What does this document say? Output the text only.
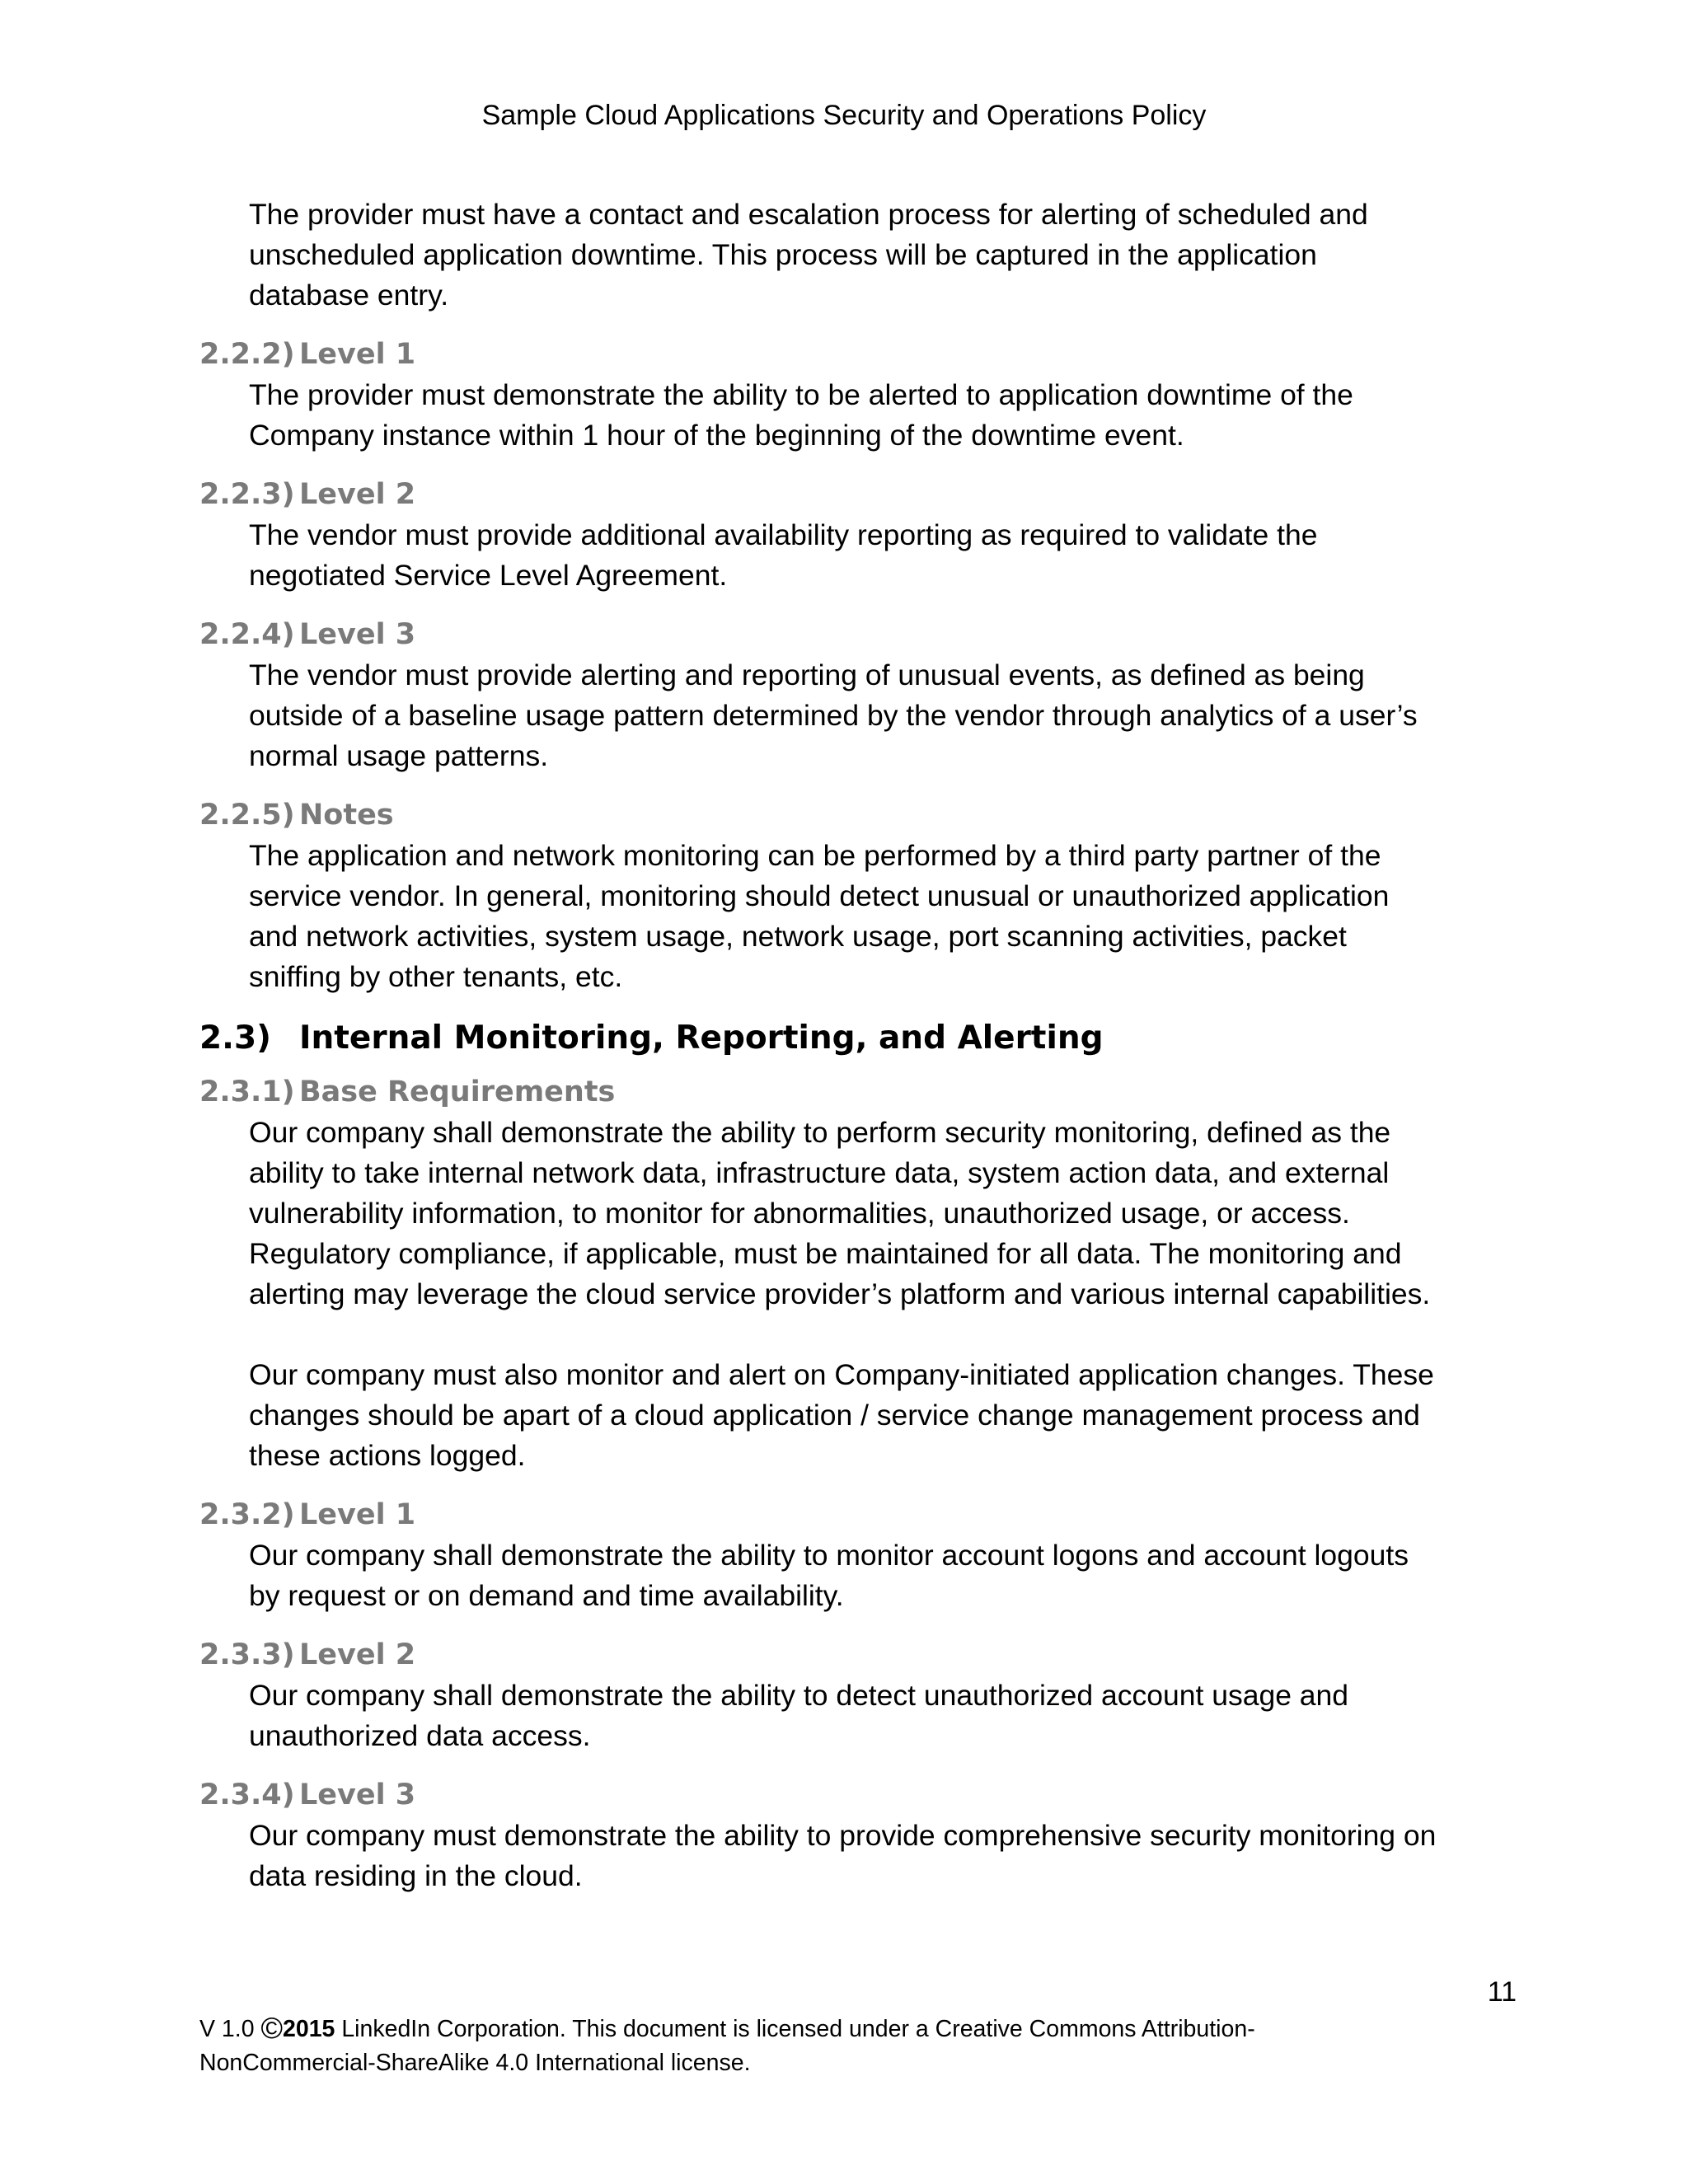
Sample Cloud Applications Security and Operations Policy

The provider must have a contact and escalation process for alerting of scheduled and

unscheduled application downtime. This process will be captured in the application

database entry.

2.2.2) Level 1

The provider must demonstrate the ability to be alerted to application downtime of the

Company instance within 1 hour of the beginning of the downtime event.

2.2.3) Level 2

The vendor must provide additional availability reporting as required to validate the

negotiated Service Level Agreement.

2.2.4) Level 3

The vendor must provide alerting and reporting of unusual events, as defined as being

outside of a baseline usage pattern determined by the vendor through analytics of a user’s

normal usage patterns.

2.2.5) Notes

The application and network monitoring can be performed by a third party partner of the

service vendor. In general, monitoring should detect unusual or unauthorized application

and network activities, system usage, network usage, port scanning activities, packet

sniffing by other tenants, etc.

2.3) Internal Monitoring, Reporting, and Alerting
2.3.1) Base Requirements

Our company shall demonstrate the ability to perform security monitoring, defined as the

ability to take internal network data, infrastructure data, system action data, and external

vulnerability information, to monitor for abnormalities, unauthorized usage, or access.

Regulatory compliance, if applicable, must be maintained for all data. The monitoring and

alerting may leverage the cloud service provider’s platform and various internal capabilities.

Our company must also monitor and alert on Company-initiated application changes. These

changes should be apart of a cloud application / service change management process and

these actions logged.

2.3.2) Level 1

Our company shall demonstrate the ability to monitor account logons and account logouts

by request or on demand and time availability.

2.3.3) Level 2

Our company shall demonstrate the ability to detect unauthorized account usage and

unauthorized data access.

2.3.4) Level 3

Our company must demonstrate the ability to provide comprehensive security monitoring on

data residing in the cloud.

11
V 1.0 ©2015 LinkedIn Corporation. This document is licensed under a Creative Commons Attribution-
NonCommercial-ShareAlike 4.0 International license.
